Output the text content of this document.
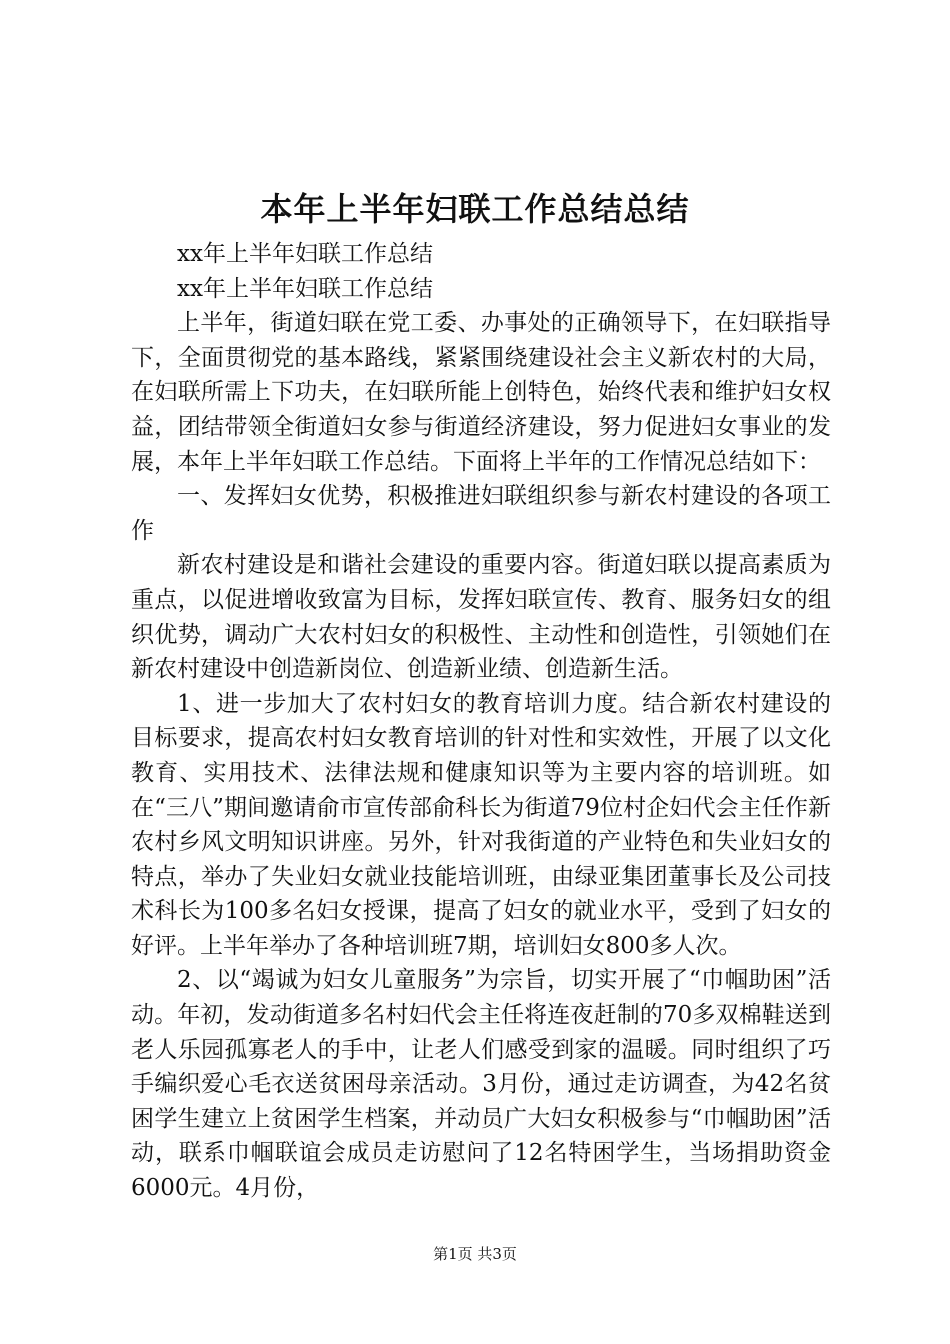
本年上半年妇联工作总结总结

xx年上半年妇联工作总结

xx年上半年妇联工作总结

上半年，街道妇联在党工委、办事处的正确领导下，在妇联指导下，全面贯彻党的基本路线，紧紧围绕建设社会主义新农村的大局，在妇联所需上下功夫，在妇联所能上创特色，始终代表和维护妇女权益，团结带领全街道妇女参与街道经济建设，努力促进妇女事业的发展，本年上半年妇联工作总结。下面将上半年的工作情况总结如下：

一、发挥妇女优势，积极推进妇联组织参与新农村建设的各项工作

新农村建设是和谐社会建设的重要内容。街道妇联以提高素质为重点，以促进增收致富为目标，发挥妇联宣传、教育、服务妇女的组织优势，调动广大农村妇女的积极性、主动性和创造性，引领她们在新农村建设中创造新岗位、创造新业绩、创造新生活。

1、进一步加大了农村妇女的教育培训力度。结合新农村建设的目标要求，提高农村妇女教育培训的针对性和实效性，开展了以文化教育、实用技术、法律法规和健康知识等为主要内容的培训班。如在“三八”期间邀请俞市宣传部俞科长为街道79位村企妇代会主任作新农村乡风文明知识讲座。另外，针对我街道的产业特色和失业妇女的特点，举办了失业妇女就业技能培训班，由绿亚集团董事长及公司技术科长为100多名妇女授课，提高了妇女的就业水平，受到了妇女的好评。上半年举办了各种培训班7期，培训妇女800多人次。

2、以“竭诚为妇女儿童服务”为宗旨，切实开展了“巾帼助困”活动。年初，发动街道多名村妇代会主任将连夜赶制的70多双棉鞋送到老人乐园孤寡老人的手中，让老人们感受到家的温暖。同时组织了巧手编织爱心毛衣送贫困母亲活动。3月份，通过走访调查，为42名贫困学生建立上贫困学生档案，并动员广大妇女积极参与“巾帼助困”活动，联系巾帼联谊会成员走访慰问了12名特困学生，当场捐助资金6000元。4月份，

第1页 共3页
